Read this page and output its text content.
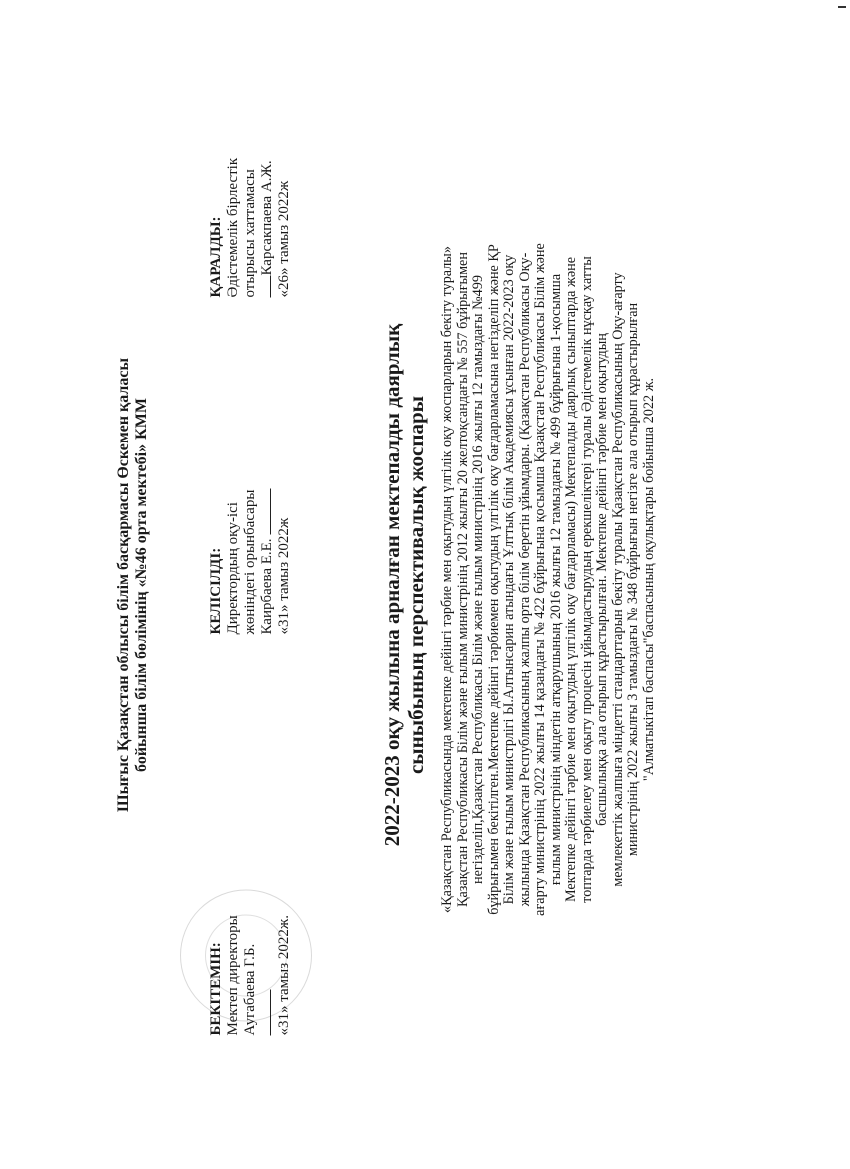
Шығыс Қазақстан облысы білім басқармасы Өскемен қаласы бойынша білім бөлімінің «№46 орта мектебі» КММ
БЕКІТЕМІН: Мектеп директоры Аугабаева Г.Б. «31» тамыз 2022ж.
КЕЛІСІЛДІ: Директордың оқу-ісі жөніндегі орынбасары Каирбаева Е.Е. «31» тамыз 2022ж
ҚАРАЛДЫ: Әдістемелік бірлестік отырысы хаттамасы Карсакпаева А.Ж. «26» тамыз 2022ж
2022-2023 оқу жылына арналған мектепалды даярлық сыныбының перспективалық жоспары «Қазақстан Республикасында мектепке дейінгі тәрбие мен оқытудың үлгілік оқу жоспарларын бекіту туралы» Қазақстан Республикасы Білім және ғылым министрінің 2012 жылғы 20 желтоқсандағы № 557 бұйрығымен негізделіп,Қазақстан Республикасы Білім және ғылым министрінің 2016 жылғы 12 тамыздағы №499 бұйрығымен бекітілген.Мектепке дейінгі тәрбиемен оқытудың үлгілік оқу бағдарламасына негізделіп және ҚР Білім және ғылым министрлігі Ы.Алтынсарин атындағы Ұлттық білім Академиясы ұсынған 2022-2023 оқу жылында Қазақстан Республикасының жалпы орта білім беретін ұйымдары. (Қазақстан Республикасы Оқу- ағарту министрінің 2022 жылғы 14 қазандағы № 422 бұйрығына қосымша Қазақстан Республикасы Білім және ғылым министрінің міндетін атқарушының 2016 жылғы 12 тамыздағы № 499 бұйрығына 1-қосымша Мектепке дейінгі тәрбие мен оқытудың үлгілік оқу бағдарламасы) Мектепалды даярлық сыныптарда және топтарда тәрбиелеу мен оқыту процесін ұйымдастырудың ерекшеліктері туралы Әдістемелік нұсқау хатты басшылыққа ала отырып құрастырылған. Мектепке дейінгі тәрбие мен оқытудың мемлекеттік жалпыға міндетті стандарттарын бекіту туралы Қазақстан Республикасының Оқу-ағарту министрінің 2022 жылғы 3 тамыздағы № 348 бұйрығын негізге ала отырып құрастырылған "Алматыкітап баспасы"баспасының оқулықтары бойынша 2022 ж.
